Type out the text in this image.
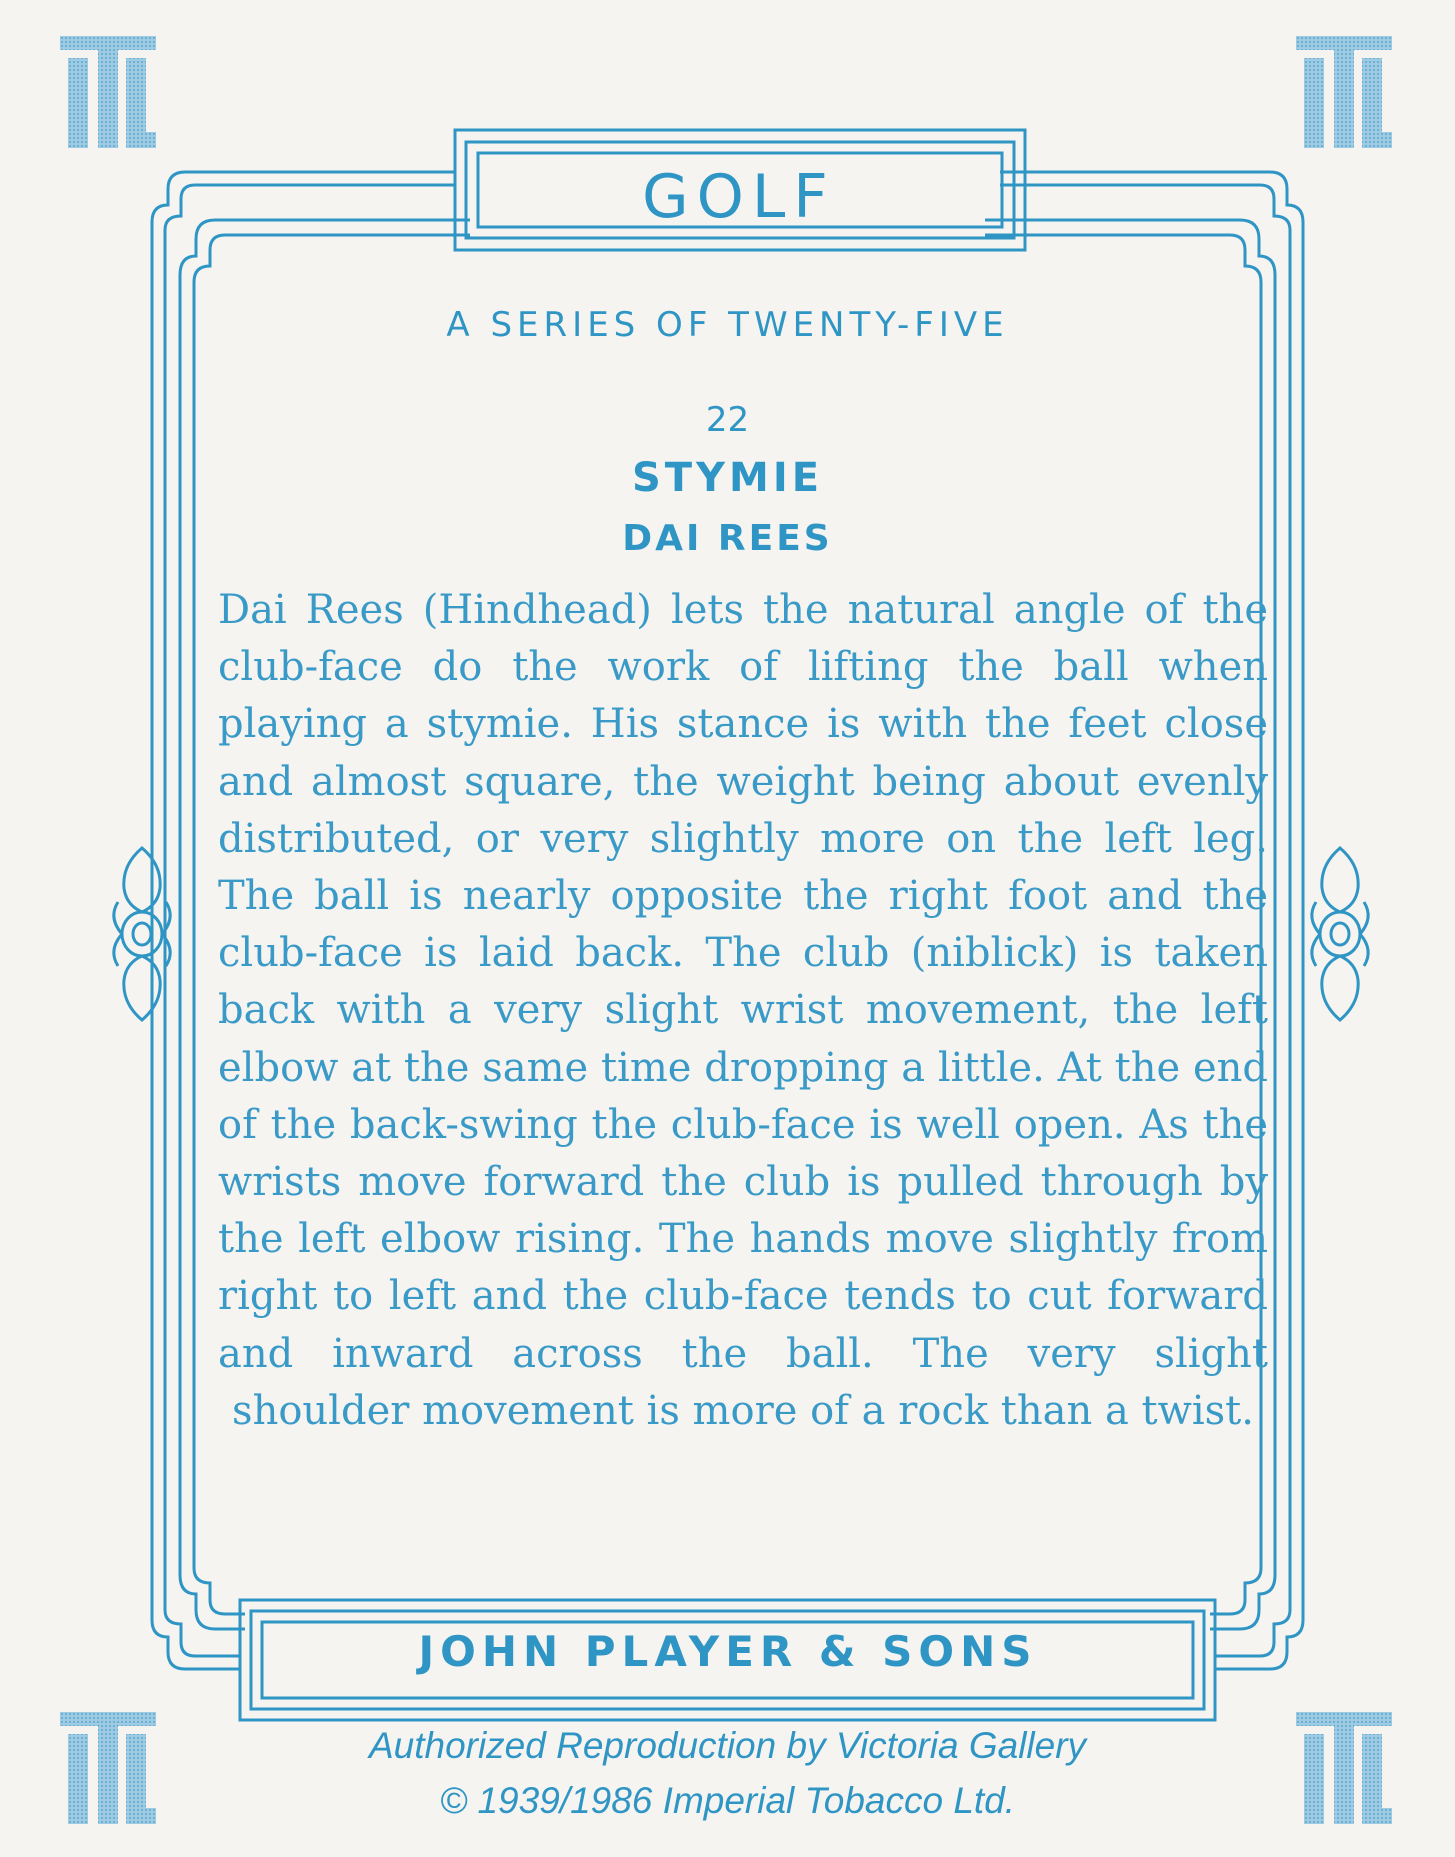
GOLF
A SERIES OF TWENTY-FIVE
22
STYMIE
DAI REES
Dai Rees (Hindhead) lets the natural angle of the club-face do the work of lifting the ball when playing a stymie. His stance is with the feet close and almost square, the weight being about evenly distributed, or very slightly more on the left leg. The ball is nearly opposite the right foot and the club-face is laid back. The club (niblick) is taken back with a very slight wrist movement, the left elbow at the same time dropping a little. At the end of the back-swing the club-face is well open. As the wrists move forward the club is pulled through by the left elbow rising. The hands move slightly from right to left and the club-face tends to cut forward and inward across the ball. The very slight shoulder movement is more of a rock than a twist.
JOHN PLAYER & SONS
Authorized Reproduction by Victoria Gallery
© 1939/1986 Imperial Tobacco Ltd.
